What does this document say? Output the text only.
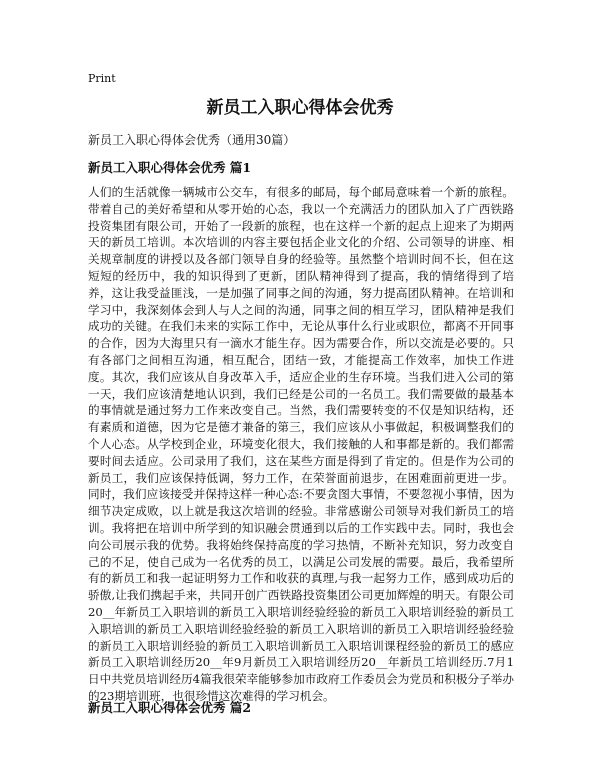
Print
新员工入职心得体会优秀
新员工入职心得体会优秀（通用30篇）
新员工入职心得体会优秀 篇1

人们的生活就像一辆城市公交车，有很多的邮局，每个邮局意味着一个新的旅程。带着自己的美好希望和从零开始的心态，我以一个充满活力的团队加入了广西铁路投资集团有限公司，开始了一段新的旅程，也在这样一个新的起点上迎来了为期两天的新员工培训。本次培训的内容主要包括企业文化的介绍、公司领导的讲座、相关规章制度的讲授以及各部门领导自身的经验等。虽然整个培训时间不长，但在这短短的经历中，我的知识得到了更新，团队精神得到了提高，我的情绪得到了培养，这让我受益匪浅，一是加强了同事之间的沟通，努力提高团队精神。在培训和学习中，我深刻体会到人与人之间的沟通，同事之间的相互学习，团队精神是我们成功的关键。在我们未来的实际工作中，无论从事什么行业或职位，都离不开同事的合作，因为大海里只有一滴水才能生存。因为需要合作，所以交流是必要的。只有各部门之间相互沟通，相互配合，团结一致，才能提高工作效率，加快工作进度。其次，我们应该从自身改革入手，适应企业的生存环境。当我们进入公司的第一天，我们应该清楚地认识到，我们已经是公司的一名员工。我们需要做的最基本的事情就是通过努力工作来改变自己。当然，我们需要转变的不仅是知识结构，还有素质和道德，因为它是德才兼备的第三，我们应该从小事做起，积极调整我们的个人心态。从学校到企业，环境变化很大，我们接触的人和事都是新的。我们都需要时间去适应。公司录用了我们，这在某些方面是得到了肯定的。但是作为公司的新员工，我们应该保持低调，努力工作，在荣誉面前退步，在困难面前更进一步。同时，我们应该接受并保持这样一种心态:不要贪图大事情，不要忽视小事情，因为细节决定成败，以上就是我这次培训的经验。非常感谢公司领导对我们新员工的培训。我将把在培训中所学到的知识融会贯通到以后的工作实践中去。同时，我也会向公司展示我的优势。我将始终保持高度的学习热情，不断补充知识，努力改变自己的不足，使自己成为一名优秀的员工，以满足公司发展的需要。最后，我希望所有的新员工和我一起证明努力工作和收获的真理,与我一起努力工作，感到成功后的骄傲,让我们携起手来，共同开创广西铁路投资集团公司更加辉煌的明天。有限公司20__年新员工入职培训的新员工入职培训经验经验的新员工入职培训经验的新员工入职培训的新员工入职培训经验经验的新员工入职培训的新员工入职培训经验经验的新员工入职培训经验的新员工入职培训新员工入职培训课程经验的新员工的感应新员工入职培训经历20__年9月新员工入职培训经历20__年新员工培训经历.7月1日中共党员培训经历4篇我很荣幸能够参加市政府工作委员会为党员和积极分子举办的23期培训班，也很珍惜这次难得的学习机会。

新员工入职心得体会优秀 篇2
